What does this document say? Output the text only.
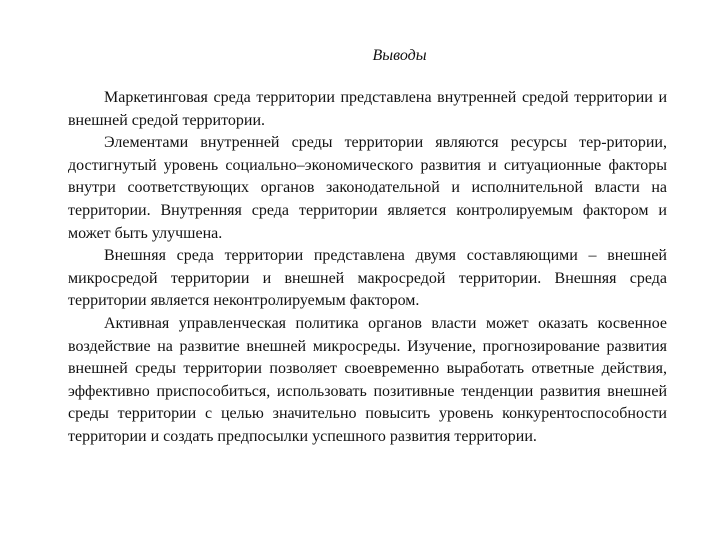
Выводы

Маркетинговая среда территории представлена внутренней средой территории и внешней средой территории.

Элементами внутренней среды территории являются ресурсы тер-ритории, достигнутый уровень социально–экономического развития и ситуационные факторы внутри соответствующих органов законодательной и исполнительной власти на территории. Внутренняя среда территории является контролируемым фактором и может быть улучшена.

Внешняя среда территории представлена двумя составляющими – внешней микросредой территории и внешней макросредой территории. Внешняя среда территории является неконтролируемым фактором.

Активная управленческая политика органов власти может оказать косвенное воздействие на развитие внешней микросреды. Изучение, прогнозирование развития внешней среды территории позволяет своевременно выработать ответные действия, эффективно приспособиться, использовать позитивные тенденции развития внешней среды территории с целью значительно повысить уровень конкурентоспособности территории и создать предпосылки успешного развития территории.
